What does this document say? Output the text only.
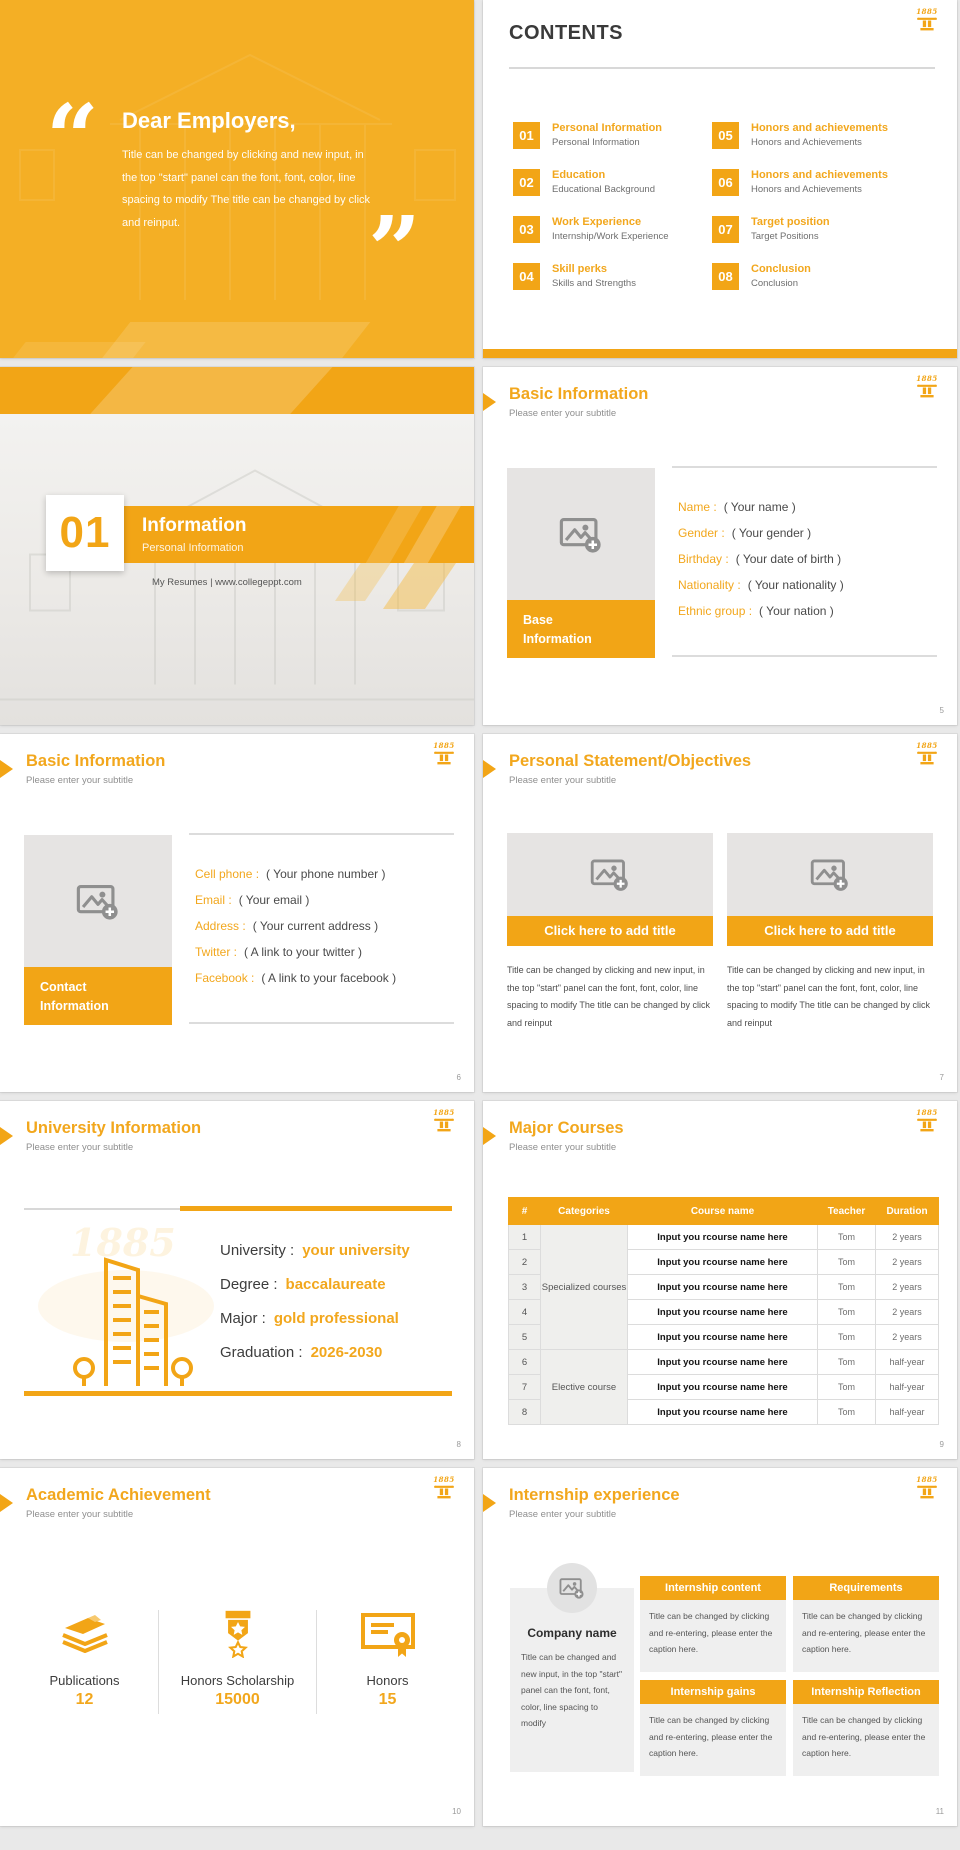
“ Dear Employers,
Title can be changed by clicking and new input, in the top "start" panel can the font, font, color, line spacing to modify The title can be changed by click and reinput.	”
CONTENTS
1885
01	Personal Information
Personal Information
02	Education
Educational Background
03	Work Experience
Internship/Work Experience
04	Skill perks
Skills and Strengths
05	Honors and achievements
Honors and Achievements
06	Honors and achievements
Honors and Achievements
07	Target position
Target Positions
08	Conclusion
Conclusion
01 Information
Personal Information
My Resumes | www.collegeppt.com
Basic Information
Please enter your subtitle
1885
Base
Information
Name : ( Your name )
Gender : ( Your gender )
Birthday : ( Your date of birth )
Nationality : ( Your nationality )
Ethnic group : ( Your nation )
5
Basic Information
Please enter your subtitle
1885
Contact
Information
Cell phone : ( Your phone number )
Email : ( Your email )
Address : ( Your current address )
Twitter : ( A link to your twitter )
Facebook : ( A link to your facebook )
6
Personal Statement/Objectives
Please enter your subtitle
1885
Click here to add title
Title can be changed by clicking and new input, in the top "start" panel can the font, font, color, line spacing to modify The title can be changed by click and reinput
Click here to add title
Title can be changed by clicking and new input, in the top "start" panel can the font, font, color, line spacing to modify The title can be changed by click and reinput
7
University Information
Please enter your subtitle
1885
1885	University : your university
Degree : baccalaureate
Major : gold professional
Graduation : 2026-2030
8
Major Courses
Please enter your subtitle
1885
#	Categories	Course name	Teacher	Duration
1	Specialized courses	Input you rcourse name here	Tom	2 years
2		Input you rcourse name here	Tom	2 years
3		Input you rcourse name here	Tom	2 years
4		Input you rcourse name here	Tom	2 years
5		Input you rcourse name here	Tom	2 years
6	Elective course	Input you rcourse name here	Tom	half-year
7		Input you rcourse name here	Tom	half-year
8		Input you rcourse name here	Tom	half-year
9
Academic Achievement
Please enter your subtitle
1885
Publications
12
Honors Scholarship
15000
Honors
15
10
Internship experience
Please enter your subtitle
1885
Company name
Title can be changed and new input, in the top "start" panel can the font, font, color, line spacing to modify
Internship content
Title can be changed by clicking and re-entering, please enter the caption here.
Requirements
Title can be changed by clicking and re-entering, please enter the caption here.
Internship gains
Title can be changed by clicking and re-entering, please enter the caption here.
Internship Reflection
Title can be changed by clicking and re-entering, please enter the caption here.
11
